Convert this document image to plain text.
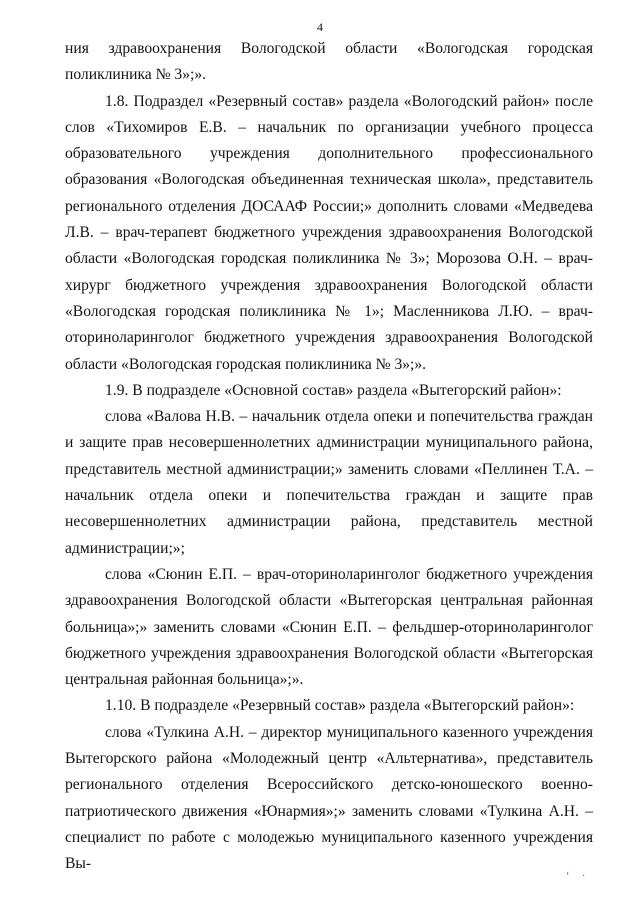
4

ния здравоохранения Вологодской области «Вологодская городская поликлиника № 3»;».

1.8. Подраздел «Резервный состав» раздела «Вологодский район» после слов «Тихомиров Е.В. – начальник по организации учебного процесса образовательного учреждения дополнительного профессионального образования «Вологодская объединенная техническая школа», представитель регионального отделения ДОСААФ России;» дополнить словами «Медведева Л.В. – врач-терапевт бюджетного учреждения здравоохранения Вологодской области «Вологодская городская поликлиника № 3»; Морозова О.Н. – врач-хирург бюджетного учреждения здравоохранения Вологодской области «Вологодская городская поликлиника № 1»; Масленникова Л.Ю. – врач-оториноларинголог бюджетного учреждения здравоохранения Вологодской области «Вологодская городская поликлиника № 3»;».

1.9. В подразделе «Основной состав» раздела «Вытегорский район»:

слова «Валова Н.В. – начальник отдела опеки и попечительства граждан и защите прав несовершеннолетних администрации муниципального района, представитель местной администрации;» заменить словами «Пеллинен Т.А. – начальник отдела опеки и попечительства граждан и защите прав несовершеннолетних администрации района, представитель местной администрации;»;

слова «Сюнин Е.П. – врач-оториноларинголог бюджетного учреждения здравоохранения Вологодской области «Вытегорская центральная районная больница»;» заменить словами «Сюнин Е.П. – фельдшер-оториноларинголог бюджетного учреждения здравоохранения Вологодской области «Вытегорская центральная районная больница»;».

1.10. В подразделе «Резервный состав» раздела «Вытегорский район»:

слова «Тулкина А.Н. – директор муниципального казенного учреждения Вытегорского района «Молодежный центр «Альтернатива», представитель регионального отделения Всероссийского детско-юношеского военно-патриотического движения «Юнармия»;» заменить словами «Тулкина А.Н. – специалист по работе с молодежью муниципального казенного учреждения Вы-

‘ ·
